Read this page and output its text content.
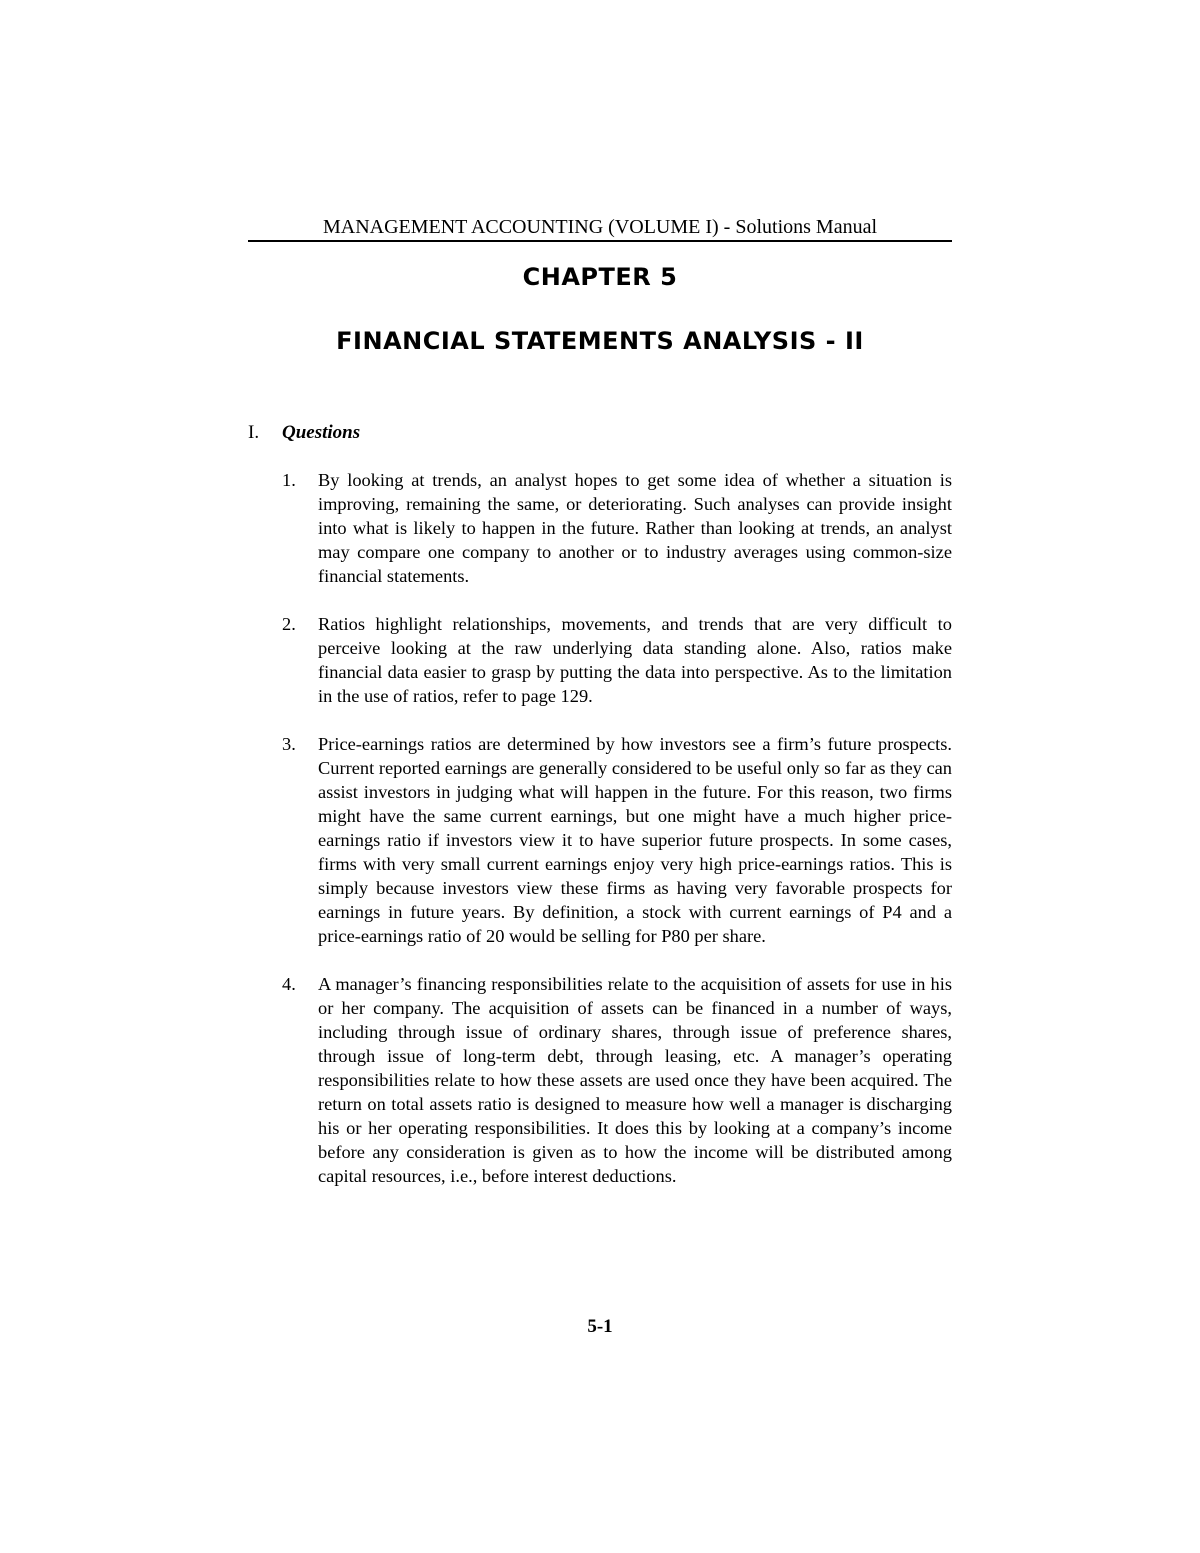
MANAGEMENT ACCOUNTING (VOLUME I) - Solutions Manual
CHAPTER 5
FINANCIAL STATEMENTS ANALYSIS - II
I. Questions
1.	By looking at trends, an analyst hopes to get some idea of whether a situation is improving, remaining the same, or deteriorating. Such analyses can provide insight into what is likely to happen in the future. Rather than looking at trends, an analyst may compare one company to another or to industry averages using common-size financial statements.
2.	Ratios highlight relationships, movements, and trends that are very difficult to perceive looking at the raw underlying data standing alone. Also, ratios make financial data easier to grasp by putting the data into perspective. As to the limitation in the use of ratios, refer to page 129.
3.	Price-earnings ratios are determined by how investors see a firm’s future prospects. Current reported earnings are generally considered to be useful only so far as they can assist investors in judging what will happen in the future. For this reason, two firms might have the same current earnings, but one might have a much higher price-earnings ratio if investors view it to have superior future prospects. In some cases, firms with very small current earnings enjoy very high price-earnings ratios. This is simply because investors view these firms as having very favorable prospects for earnings in future years. By definition, a stock with current earnings of P4 and a price-earnings ratio of 20 would be selling for P80 per share.
4.	A manager’s financing responsibilities relate to the acquisition of assets for use in his or her company. The acquisition of assets can be financed in a number of ways, including through issue of ordinary shares, through issue of preference shares, through issue of long-term debt, through leasing, etc. A manager’s operating responsibilities relate to how these assets are used once they have been acquired. The return on total assets ratio is designed to measure how well a manager is discharging his or her operating responsibilities. It does this by looking at a company’s income before any consideration is given as to how the income will be distributed among capital resources, i.e., before interest deductions.
5-1
